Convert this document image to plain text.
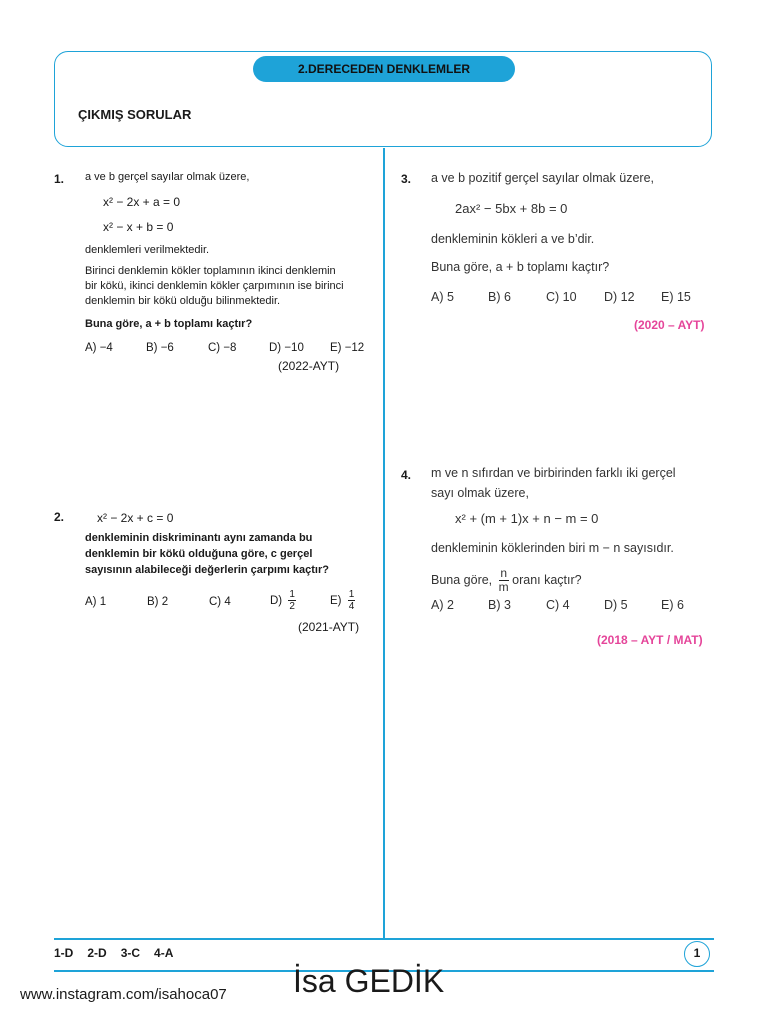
2.DERECEDEN DENKLEMLER
ÇIKMIŞ SORULAR
1. a ve b gerçel sayılar olmak üzere,
x² − 2x + a = 0
x² − x + b = 0
denklemleri verilmektedir.
Birinci denklemin kökler toplamının ikinci denklemin
bir kökü, ikinci denklemin kökler çarpımının ise birinci
denklemin bir kökü olduğu bilinmektedir.
Buna göre, a + b toplamı kaçtır?
A) −4	B) −6	C) −8	D) −10 E) −12
(2022-AYT)
2.	x² − 2x + c = 0
denkleminin diskriminantı aynı zamanda bu
denklemin bir kökü olduğuna göre, c gerçel
sayısının alabileceği değerlerin çarpımı kaçtır?
A) 1	B) 2	C) 4	$D) \frac{1}{2}$	$E) \frac{1}{4}$
(2021-AYT)
3. a ve b pozitif gerçel sayılar olmak üzere,
2ax² − 5bx + 8b = 0
denkleminin kökleri a ve b’dir.
Buna göre, a + b toplamı kaçtır?
A) 5	B) 6	C) 10 D) 12 E) 15
(2020 – AYT)
4. m ve n sıfırdan ve birbirinden farklı iki gerçel
sayı olmak üzere,
x² + (m + 1)x + n − m = 0
denkleminin köklerinden biri m − n sayısıdır.
Buna göre, $\frac{n}{m}$ oranı kaçtır?
A) 2	B) 3	C) 4	D) 5	E) 6
(2018 – AYT / MAT)
1-D 2-D 3-C 4-A	1
www.instagram.com/isahoca07 İsa GEDİK
